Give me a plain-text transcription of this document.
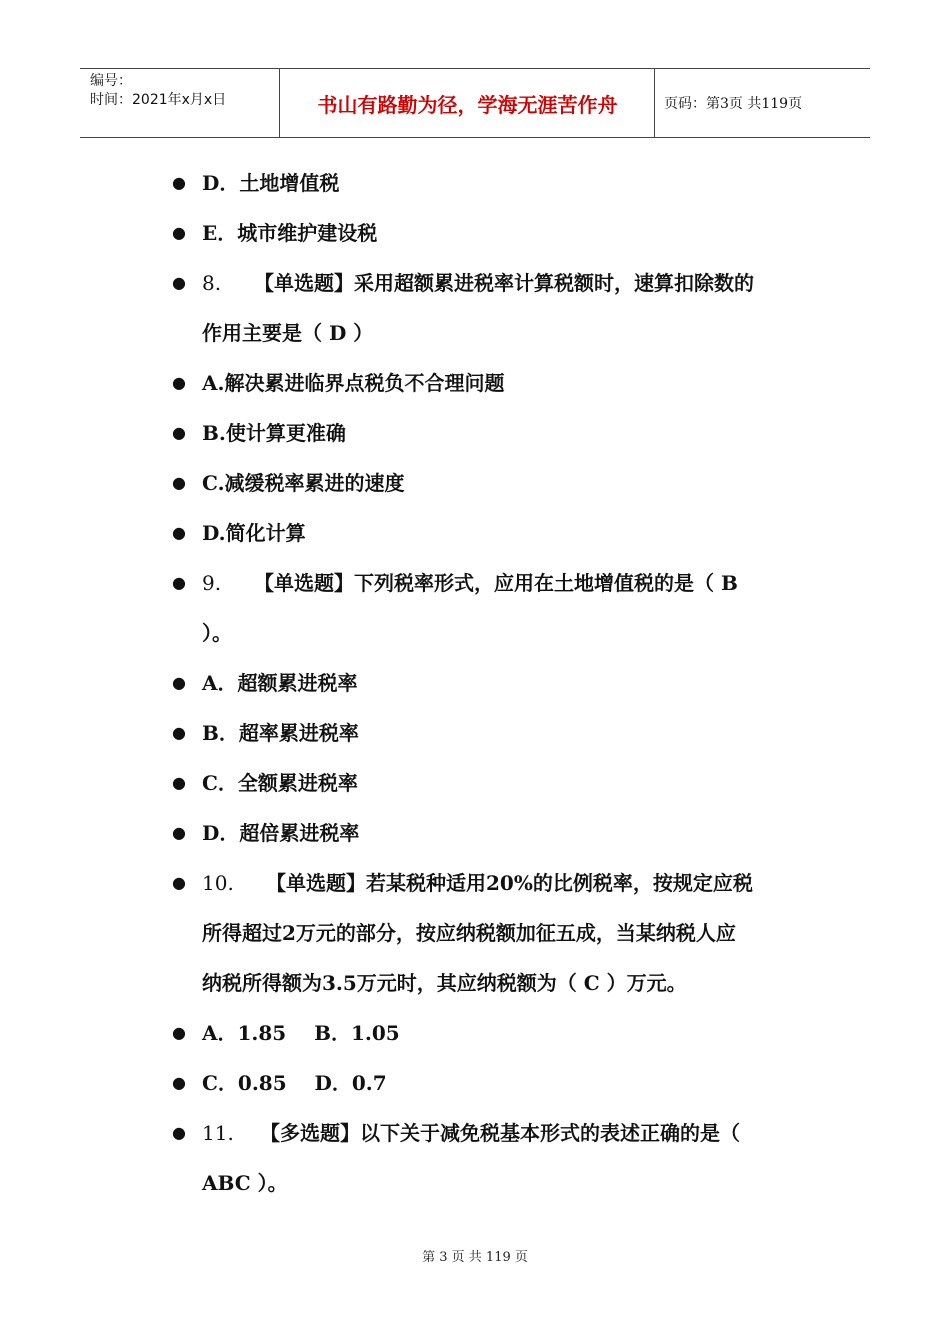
编号：
时间：2021年x月x日	书山有路勤为径，学海无涯苦作舟	页码：第3页 共119页
● D．土地增值税
● E．城市维护建设税
● 8. 【单选题】采用超额累进税率计算税额时，速算扣除数的
作用主要是（ D ）
● A.解决累进临界点税负不合理问题
● B.使计算更准确
● C.减缓税率累进的速度
● D.简化计算
● 9. 【单选题】下列税率形式，应用在土地增值税的是（ B
）。
● A．超额累进税率
● B．超率累进税率
● C．全额累进税率
● D．超倍累进税率
● 10. 【单选题】若某税种适用20%的比例税率，按规定应税
所得超过2万元的部分，按应纳税额加征五成，当某纳税人应
纳税所得额为3.5万元时，其应纳税额为（ C ）万元。
● A．1.85    B．1.05
● C．0.85    D．0.7
● 11. 【多选题】以下关于减免税基本形式的表述正确的是（
ABC ）。
第 3 页 共 119 页
